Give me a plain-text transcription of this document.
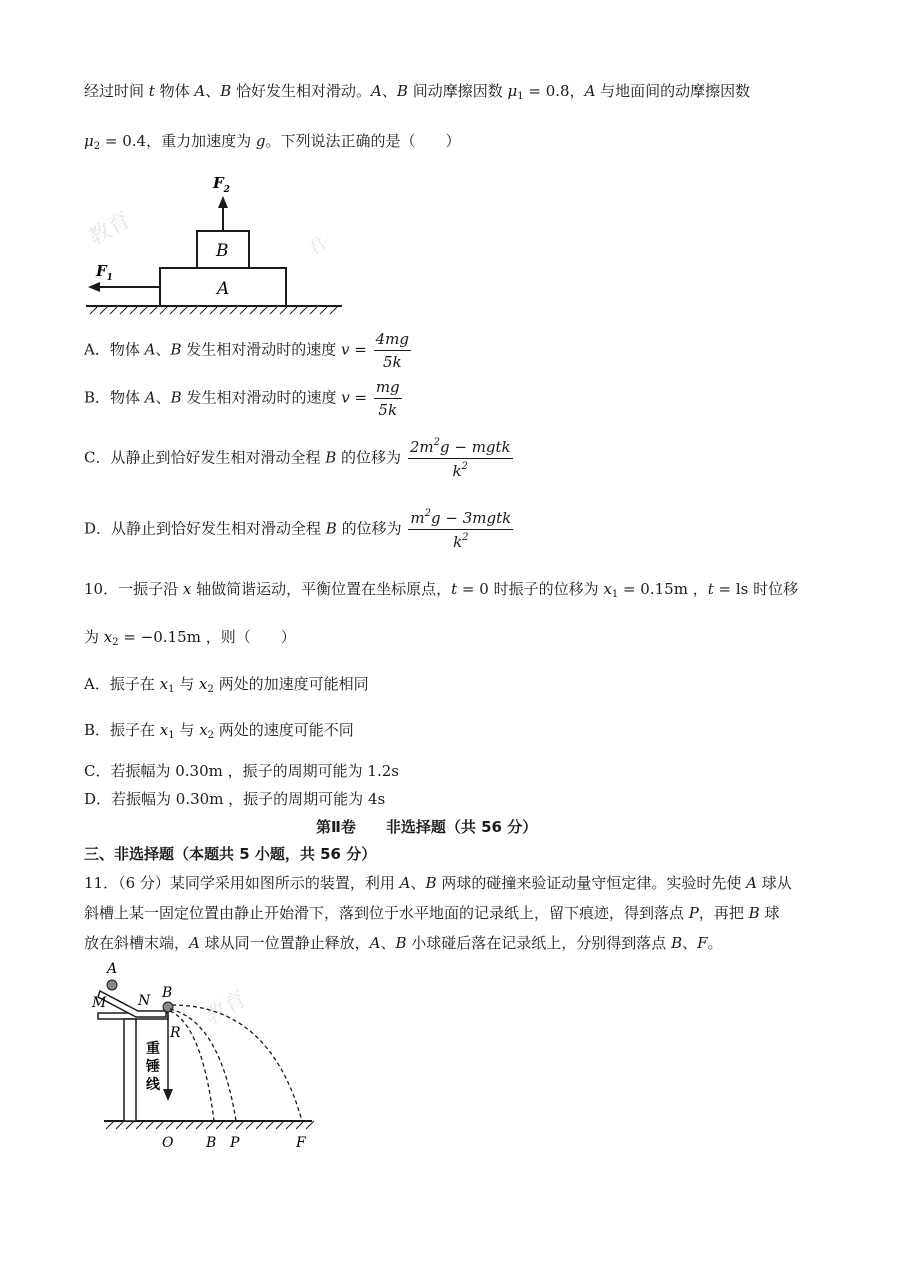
经过时间 t 物体 A、B 恰好发生相对滑动。A、B 间动摩擦因数 $\mu_1 = 0.8$，A 与地面间的动摩擦因数
$\mu_2 = 0.4$，重力加速度为 g。下列说法正确的是（　　）
教育	君
A
B
$F_2$
$F_1$
A．物体 A、B 发生相对滑动时的速度 $v = \frac{4mg}{5k}$
B．物体 A、B 发生相对滑动时的速度 $v = \frac{mg}{5k}$
C．从静止到恰好发生相对滑动全程 B 的位移为 $\frac{2m^2g - mgtk}{k^2}$
D．从静止到恰好发生相对滑动全程 B 的位移为 $\frac{m^2g - 3mgtk}{k^2}$
10．一振子沿 x 轴做简谐运动，平衡位置在坐标原点，t = 0 时振子的位移为 $x_1 = 0.15m$ ，t = ls 时位移
为 $x_2 = -0.15m$ ，则（　　）
A．振子在 $x_1$ 与 $x_2$ 两处的加速度可能相同
B．振子在 $x_1$ 与 $x_2$ 两处的速度可能不同
C．若振幅为 0.30m ，振子的周期可能为 1.2s
D．若振幅为 0.30m ，振子的周期可能为 4s
第Ⅱ卷　　非选择题（共 56 分）
三、非选择题（本题共 5 小题，共 56 分）
11．（6 分）某同学采用如图所示的装置，利用 A、B 两球的碰撞来验证动量守恒定律。实验时先使 A 球从
斜槽上某一固定位置由静止开始滑下，落到位于水平地面的记录纸上，留下痕迹，得到落点 P，再把 B 球
放在斜槽末端，A 球从同一位置静止释放，A、B 小球碰后落在记录纸上，分别得到落点 B、F。
教育
A
M N B
R
重 锤 线
O B P	F
